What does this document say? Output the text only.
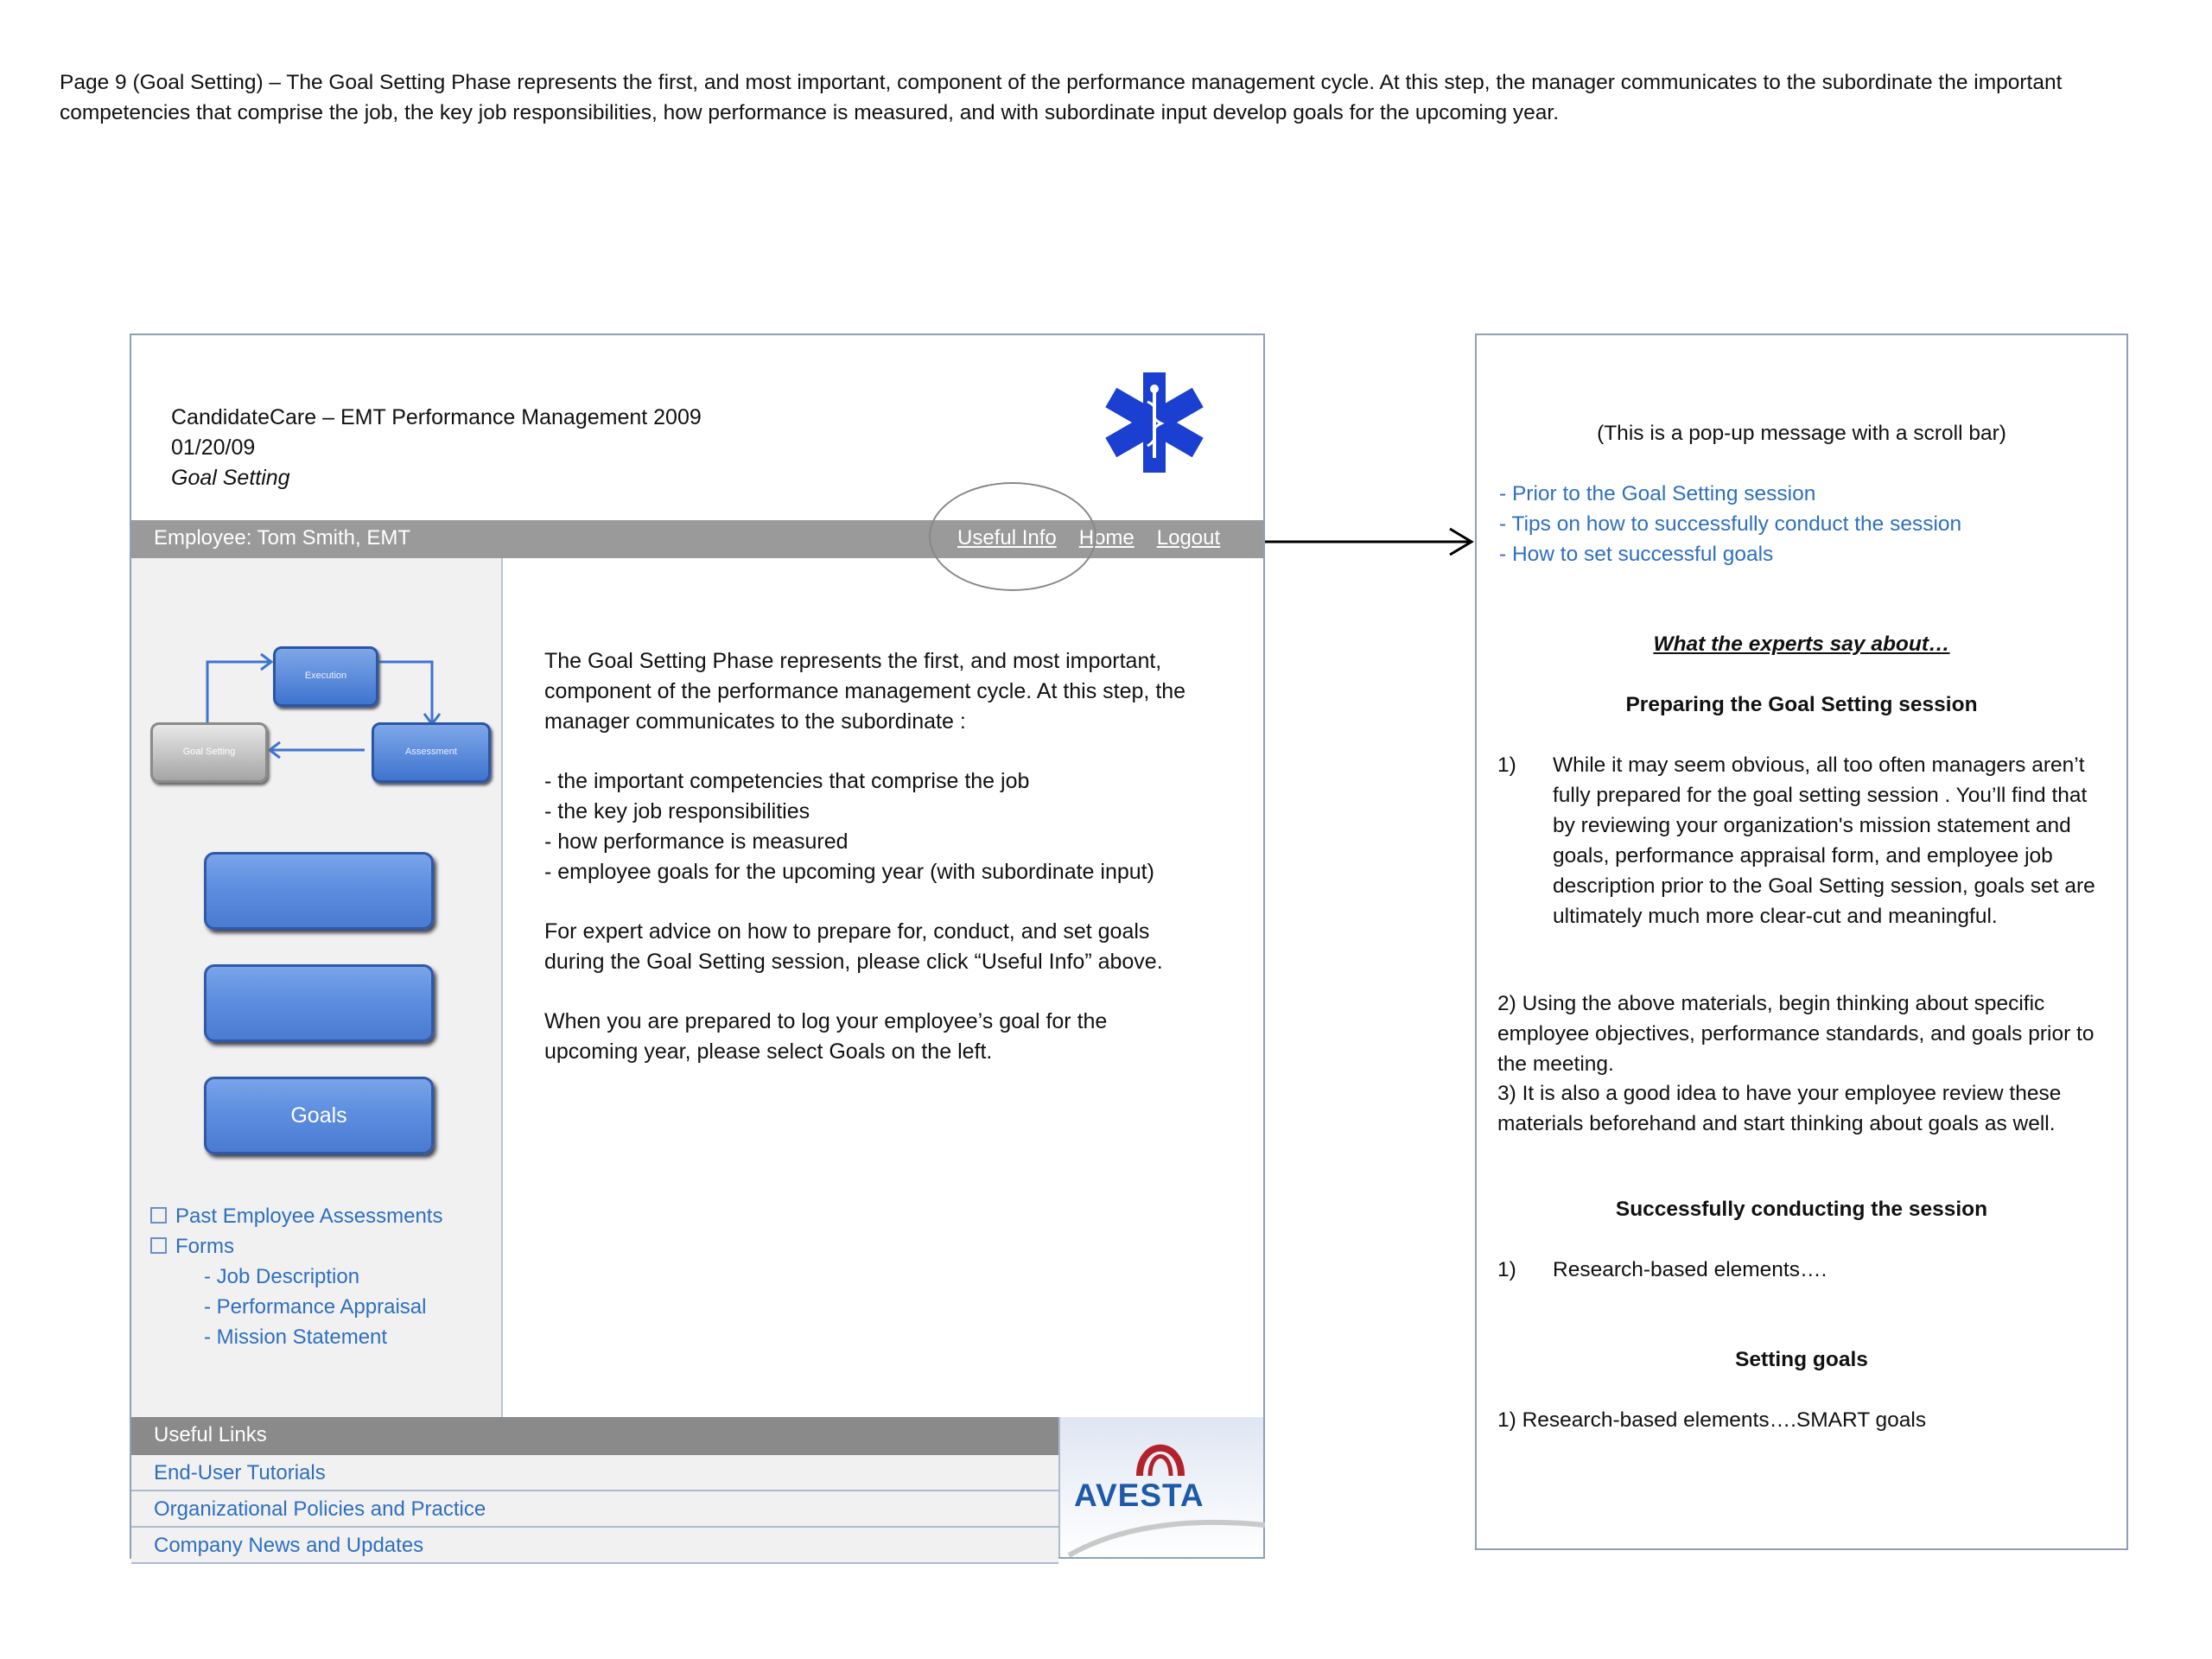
Page 9 (Goal Setting) – The Goal Setting Phase represents the first, and most important, component of the performance management cycle. At this step, the manager communicates to the subordinate the important competencies that comprise the job, the key job responsibilities, how performance is measured, and with subordinate input develop goals for the upcoming year.
CandidateCare – EMT Performance Management 2009
01/20/09
Goal Setting
Employee: Tom Smith, EMT	Useful Info Home Logout
Execution
Assessment
Goal Setting
Goals
Past Employee Assessments
Forms
- Job Description
- Performance Appraisal
- Mission Statement

The Goal Setting Phase represents the first, and most important, component of the performance management cycle. At this step, the manager communicates to the subordinate :

- the important competencies that comprise the job
- the key job responsibilities
- how performance is measured
- employee goals for the upcoming year (with subordinate input)

For expert advice on how to prepare for, conduct, and set goals during the Goal Setting session, please click “Useful Info” above.

When you are prepared to log your employee’s goal for the upcoming year, please select Goals on the left.

Useful Links
End-User Tutorials
Organizational Policies and Practice
Company News and Updates
AVESTA
(This is a pop-up message with a scroll bar)
- Prior to the Goal Setting session
- Tips on how to successfully conduct the session
- How to set successful goals
What the experts say about…
Preparing the Goal Setting session
1) While it may seem obvious, all too often managers aren’t fully prepared for the goal setting session . You’ll find that by reviewing your organization's mission statement and goals, performance appraisal form, and employee job description prior to the Goal Setting session, goals set are ultimately much more clear-cut and meaningful.
2) Using the above materials, begin thinking about specific employee objectives, performance standards, and goals prior to the meeting.
3) It is also a good idea to have your employee review these materials beforehand and start thinking about goals as well.
Successfully conducting the session
1) Research-based elements….
Setting goals
1) Research-based elements….SMART goals
